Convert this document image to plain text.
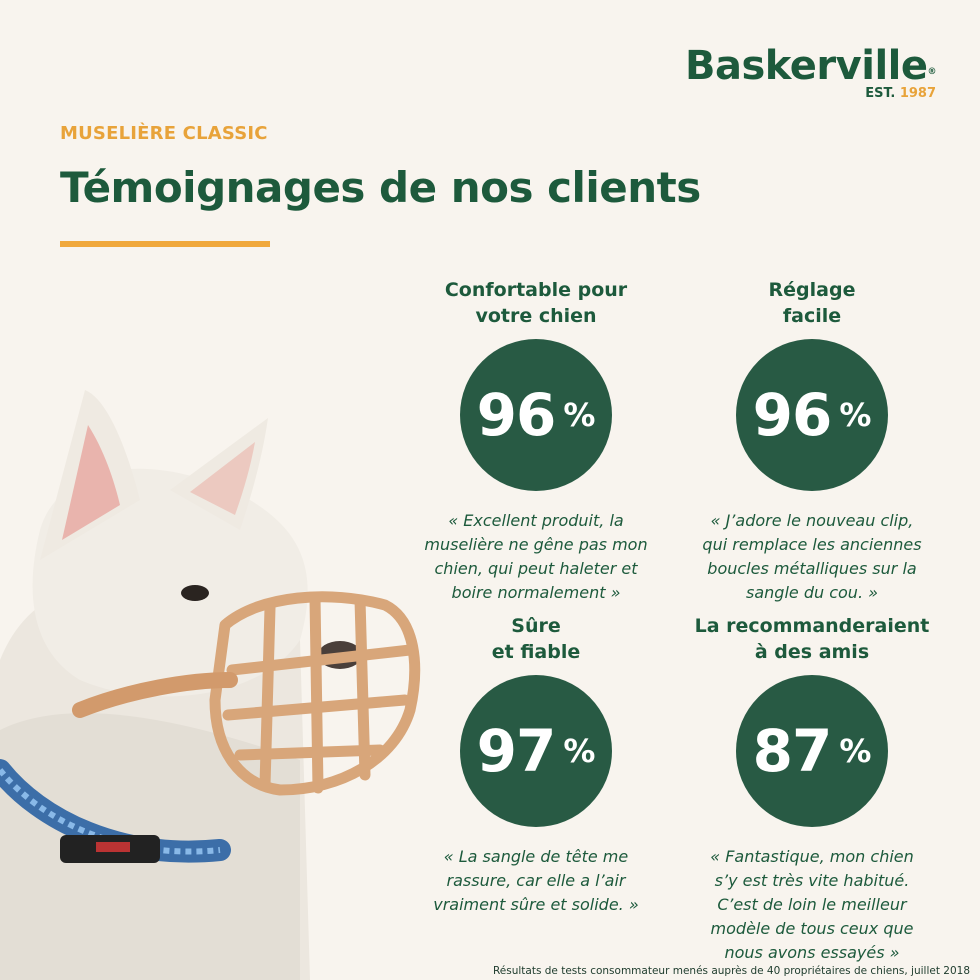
Baskerville®
EST. 1987
MUSELIÈRE CLASSIC
Témoignages de nos clients
Confortable pour
votre chien
96 %
« Excellent produit, la muselière ne gêne pas mon chien, qui peut haleter et boire normalement »
Réglage
facile
96 %
« J’adore le nouveau clip, qui remplace les anciennes boucles métalliques sur la sangle du cou. »
Sûre
et fiable
97 %
« La sangle de tête me rassure, car elle a l’air vraiment sûre et solide. »
La recommanderaient
à des amis
87 %
« Fantastique, mon chien s’y est très vite habitué. C’est de loin le meilleur modèle de tous ceux que nous avons essayés »
Résultats de tests consommateur menés auprès de 40 propriétaires de chiens, juillet 2018
